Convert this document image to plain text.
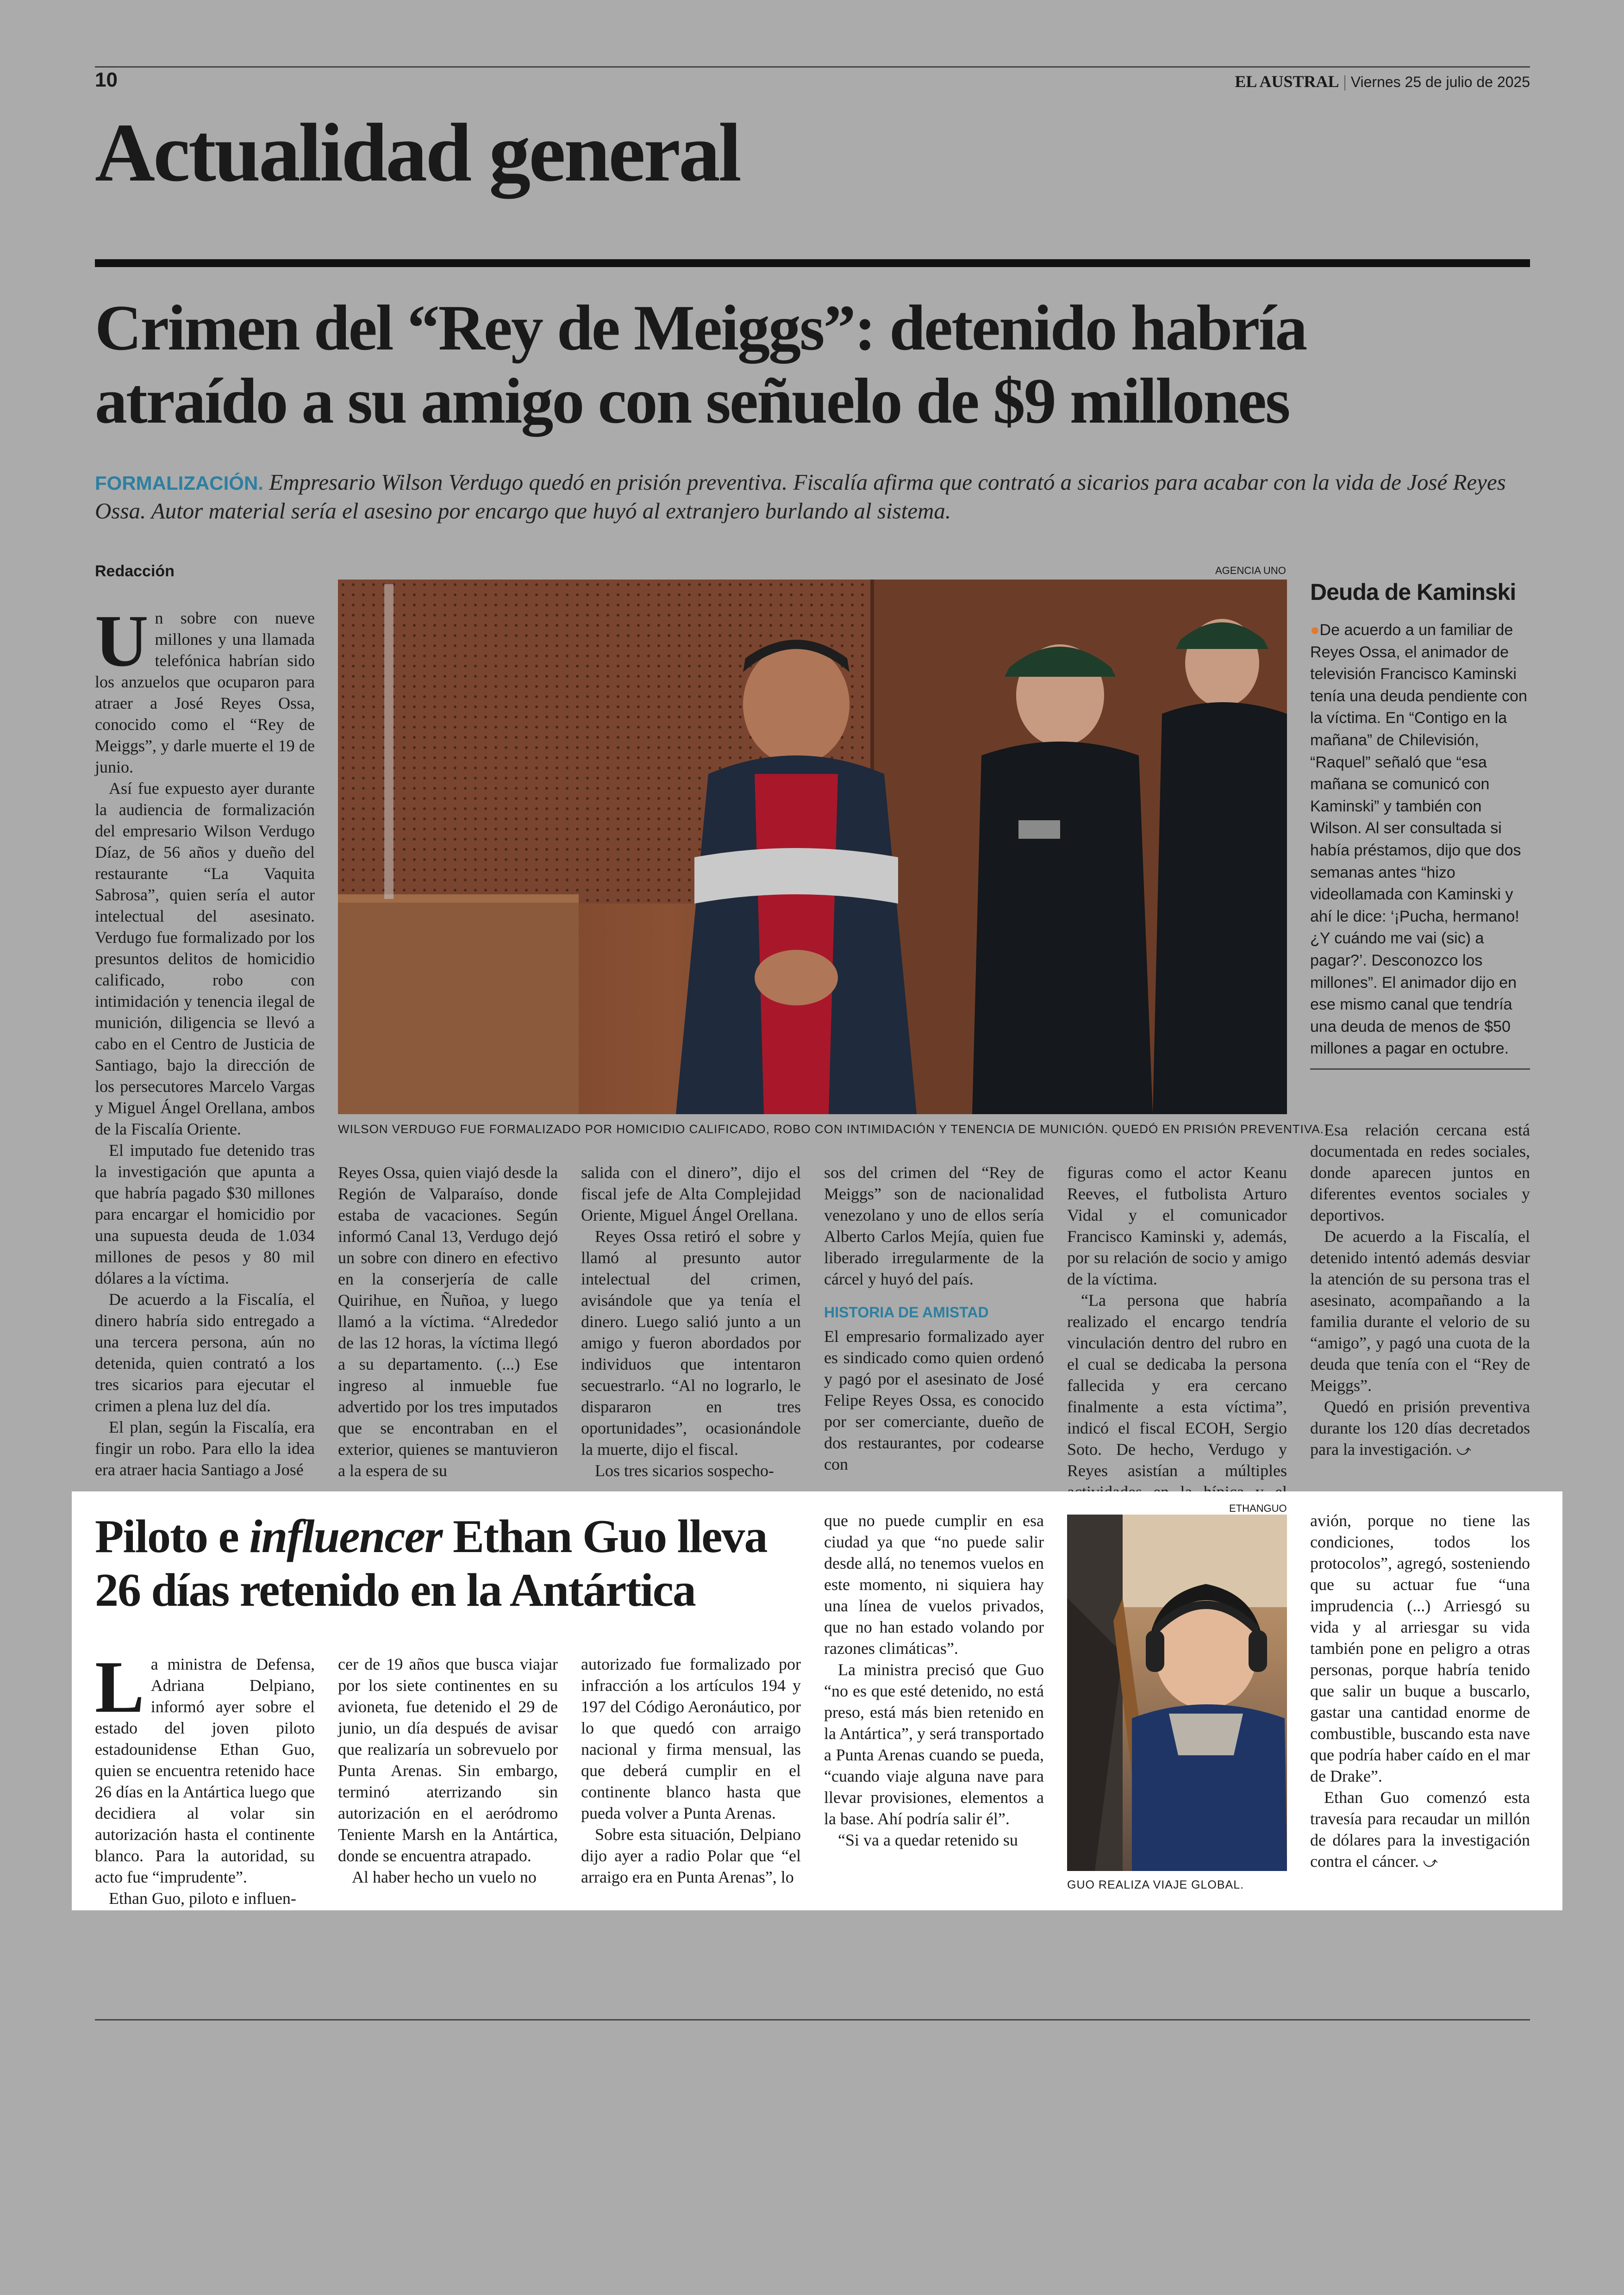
10	EL AUSTRAL | Viernes 25 de julio de 2025
Actualidad general
Crimen del “Rey de Meiggs”: detenido habría
atraído a su amigo con señuelo de $9 millones
FORMALIZACIÓN. Empresario Wilson Verdugo quedó en prisión preventiva. Fiscalía afirma que contrató a sicarios para acabar con la vida de José Reyes Ossa. Autor material sería el asesino por encargo que huyó al extranjero burlando al sistema.
Redacción	AGENCIA UNO
WILSON VERDUGO FUE FORMALIZADO POR HOMICIDIO CALIFICADO, ROBO CON INTIMIDACIÓN Y TENENCIA DE MUNICIÓN. QUEDÓ EN PRISIÓN PREVENTIVA.

Un sobre con nueve millones y una llamada telefónica habrían sido los anzuelos que ocuparon para atraer a José Reyes Ossa, conocido como el “Rey de Meiggs”, y darle muerte el 19 de junio.

Así fue expuesto ayer durante la audiencia de formalización del empresario Wilson Verdugo Díaz, de 56 años y dueño del restaurante “La Vaquita Sabrosa”, quien sería el autor intelectual del asesinato. Verdugo fue formalizado por los presuntos delitos de homicidio calificado, robo con intimidación y tenencia ilegal de munición, diligencia se llevó a cabo en el Centro de Justicia de Santiago, bajo la dirección de los persecutores Marcelo Vargas y Miguel Ángel Orellana, ambos de la Fiscalía Oriente.

El imputado fue detenido tras la investigación que apunta a que habría pagado $30 millones para encargar el homicidio por una supuesta deuda de 1.034 millones de pesos y 80 mil dólares a la víctima.

De acuerdo a la Fiscalía, el dinero habría sido entregado a una tercera persona, aún no detenida, quien contrató a los tres sicarios para ejecutar el crimen a plena luz del día.

El plan, según la Fiscalía, era fingir un robo. Para ello la idea era atraer hacia Santiago a José

Reyes Ossa, quien viajó desde la Región de Valparaíso, donde estaba de vacaciones. Según informó Canal 13, Verdugo dejó un sobre con dinero en efectivo en la conserjería de calle Quirihue, en Ñuñoa, y luego llamó a la víctima. “Alrededor de las 12 horas, la víctima llegó a su departamento. (...) Ese ingreso al inmueble fue advertido por los tres imputados que se encontraban en el exterior, quienes se mantuvieron a la espera de su

salida con el dinero”, dijo el fiscal jefe de Alta Complejidad Oriente, Miguel Ángel Orellana.

Reyes Ossa retiró el sobre y llamó al presunto autor intelectual del crimen, avisándole que ya tenía el dinero. Luego salió junto a un amigo y fueron abordados por individuos que intentaron secuestrarlo. “Al no lograrlo, le dispararon en tres oportunidades”, ocasionándole la muerte, dijo el fiscal.

Los tres sicarios sospecho-

sos del crimen del “Rey de Meiggs” son de nacionalidad venezolano y uno de ellos sería Alberto Carlos Mejía, quien fue liberado irregularmente de la cárcel y huyó del país.

HISTORIA DE AMISTAD

El empresario formalizado ayer es sindicado como quien ordenó y pagó por el asesinato de José Felipe Reyes Ossa, es conocido por ser comerciante, dueño de dos restaurantes, por codearse con

figuras como el actor Keanu Reeves, el futbolista Arturo Vidal y el comunicador Francisco Kaminski y, además, por su relación de socio y amigo de la víctima.

“La persona que habría realizado el encargo tendría vinculación dentro del rubro en el cual se dedicaba la persona fallecida y era cercano finalmente a esta víctima”, indicó el fiscal ECOH, Sergio Soto. De hecho, Verdugo y Reyes asistían a múltiples

Deuda de Kaminski
●De acuerdo a un familiar de Reyes Ossa, el animador de televisión Francisco Kaminski tenía una deuda pendiente con la víctima. En “Contigo en la mañana” de Chilevisión, “Raquel” señaló que “esa mañana se comunicó con Kaminski” y también con Wilson. Al ser consultada si había préstamos, dijo que dos semanas antes “hizo videollamada con Kaminski y ahí le dice: ‘¡Pucha, hermano! ¿Y cuándo me vai (sic) a pagar?’. Desconozco los millones”. El animador dijo en ese mismo canal que tendría una deuda de menos de $50 millones a pagar en octubre.

Esa relación cercana está documentada en redes sociales, donde aparecen juntos en diferentes eventos sociales y deportivos.

De acuerdo a la Fiscalía, el detenido intentó además desviar la atención de su persona tras el asesinato, acompañando a la familia durante el velorio de su “amigo”, y pagó una cuota de la deuda que tenía con el “Rey de Meiggs”.

Quedó en prisión preventiva durante los 120 días decretados para la investigación. ⤻

Piloto e influencer Ethan Guo lleva
26 días retenido en la Antártica

La ministra de Defensa, Adriana Delpiano, informó ayer sobre el estado del joven piloto estadounidense Ethan Guo, quien se encuentra retenido hace 26 días en la Antártica luego que decidiera al volar sin autorización hasta el continente blanco. Para la autoridad, su acto fue “imprudente”.

Ethan Guo, piloto e influen-

cer de 19 años que busca viajar por los siete continentes en su avioneta, fue detenido el 29 de junio, un día después de avisar que realizaría un sobrevuelo por Punta Arenas. Sin embargo, terminó aterrizando sin autorización en el aeródromo Teniente Marsh en la Antártica, donde se encuentra atrapado.

Al haber hecho un vuelo no

autorizado fue formalizado por infracción a los artículos 194 y 197 del Código Aeronáutico, por lo que quedó con arraigo nacional y firma mensual, las que deberá cumplir en el continente blanco hasta que pueda volver a Punta Arenas.

Sobre esta situación, Delpiano dijo ayer a radio Polar que “el arraigo era en Punta Arenas”, lo

que no puede cumplir en esa ciudad ya que “no puede salir desde allá, no tenemos vuelos en este momento, ni siquiera hay una línea de vuelos privados, que no han estado volando por razones climáticas”.

La ministra precisó que Guo “no es que esté detenido, no está preso, está más bien retenido en la Antártica”, y será transportado a Punta Arenas cuando se pueda, “cuando viaje alguna nave para llevar provisiones, elementos a la base. Ahí podría salir él”.

“Si va a quedar retenido su

ETHANGUO
GUO REALIZA VIAJE GLOBAL.

avión, porque no tiene las condiciones, todos los protocolos”, agregó, sosteniendo que su actuar fue “una imprudencia (...) Arriesgó su vida y al arriesgar su vida también pone en peligro a otras personas, porque habría tenido que salir un buque a buscarlo, gastar una cantidad enorme de combustible, buscando esta nave que podría haber caído en el mar de Drake”.

Ethan Guo comenzó esta travesía para recaudar un millón de dólares para la investigación contra el cáncer. ⤻
